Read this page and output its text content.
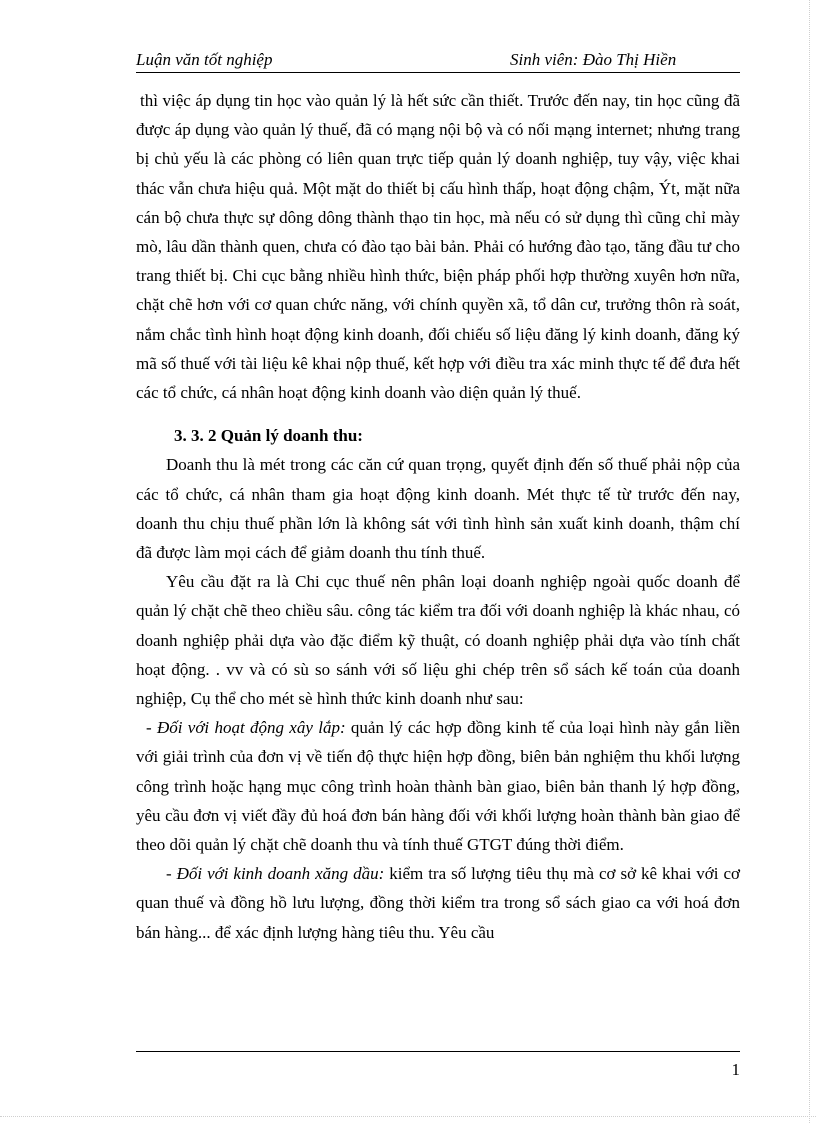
Luận văn tốt nghiệp	Sinh viên: Đào Thị Hiền

thì việc áp dụng tin học vào quản lý là hết sức cần thiết. Trước đến nay, tin học cũng đã được áp dụng vào quản lý thuế, đã có mạng nội bộ và có nối mạng internet; nhưng trang bị chủ yếu là các phòng có liên quan trực tiếp quản lý doanh nghiệp, tuy vậy, việc khai thác vẫn chưa hiệu quả. Một mặt do thiết bị cấu hình thấp, hoạt động chậm, Ýt, mặt nữa cán bộ chưa thực sự dông dông thành thạo tin học, mà nếu có sử dụng thì cũng chỉ mày mò, lâu dần thành quen, chưa có đào tạo bài bản. Phải có hướng đào tạo, tăng đầu tư cho trang thiết bị. Chi cục bằng nhiều hình thức, biện pháp phối hợp thường xuyên hơn nữa, chặt chẽ hơn với cơ quan chức năng, với chính quyền xã, tổ dân cư, trưởng thôn rà soát, nắm chắc tình hình hoạt động kinh doanh, đối chiếu số liệu đăng lý kinh doanh, đăng ký mã số thuế với tài liệu kê khai nộp thuế, kết hợp với điều tra xác minh thực tế để đưa hết các tổ chức, cá nhân hoạt động kinh doanh vào diện quản lý thuế.

3. 3. 2 Quản lý doanh thu:

Doanh thu là mét trong các căn cứ quan trọng, quyết định đến số thuế phải nộp của các tổ chức, cá nhân tham gia hoạt động kinh doanh. Mét thực tế từ trước đến nay, doanh thu chịu thuế phần lớn là không sát với tình hình sản xuất kinh doanh, thậm chí đã được làm mọi cách để giảm doanh thu tính thuế.

Yêu cầu đặt ra là Chi cục thuế nên phân loại doanh nghiệp ngoài quốc doanh để quản lý chặt chẽ theo chiều sâu. công tác kiểm tra đối với doanh nghiệp là khác nhau, có doanh nghiệp phải dựa vào đặc điểm kỹ thuật, có doanh nghiệp phải dựa vào tính chất hoạt động. . vv và có sù so sánh với số liệu ghi chép trên sổ sách kế toán của doanh nghiệp, Cụ thể cho mét sè hình thức kinh doanh như sau:

- Đối với hoạt động xây lắp: quản lý các hợp đồng kinh tế của loại hình này gắn liền với giải trình của đơn vị về tiến độ thực hiện hợp đồng, biên bản nghiệm thu khối lượng công trình hoặc hạng mục công trình hoàn thành bàn giao, biên bản thanh lý hợp đồng, yêu cầu đơn vị viết đầy đủ hoá đơn bán hàng đối với khối lượng hoàn thành bàn giao để theo dõi quản lý chặt chẽ doanh thu và tính thuế GTGT đúng thời điểm.

- Đối với kinh doanh xăng dầu: kiểm tra số lượng tiêu thụ mà cơ sở kê khai với cơ quan thuế và đồng hồ lưu lượng, đồng thời kiểm tra trong sổ sách giao ca với hoá đơn bán hàng... để xác định lượng hàng tiêu thu. Yêu cầu

1
